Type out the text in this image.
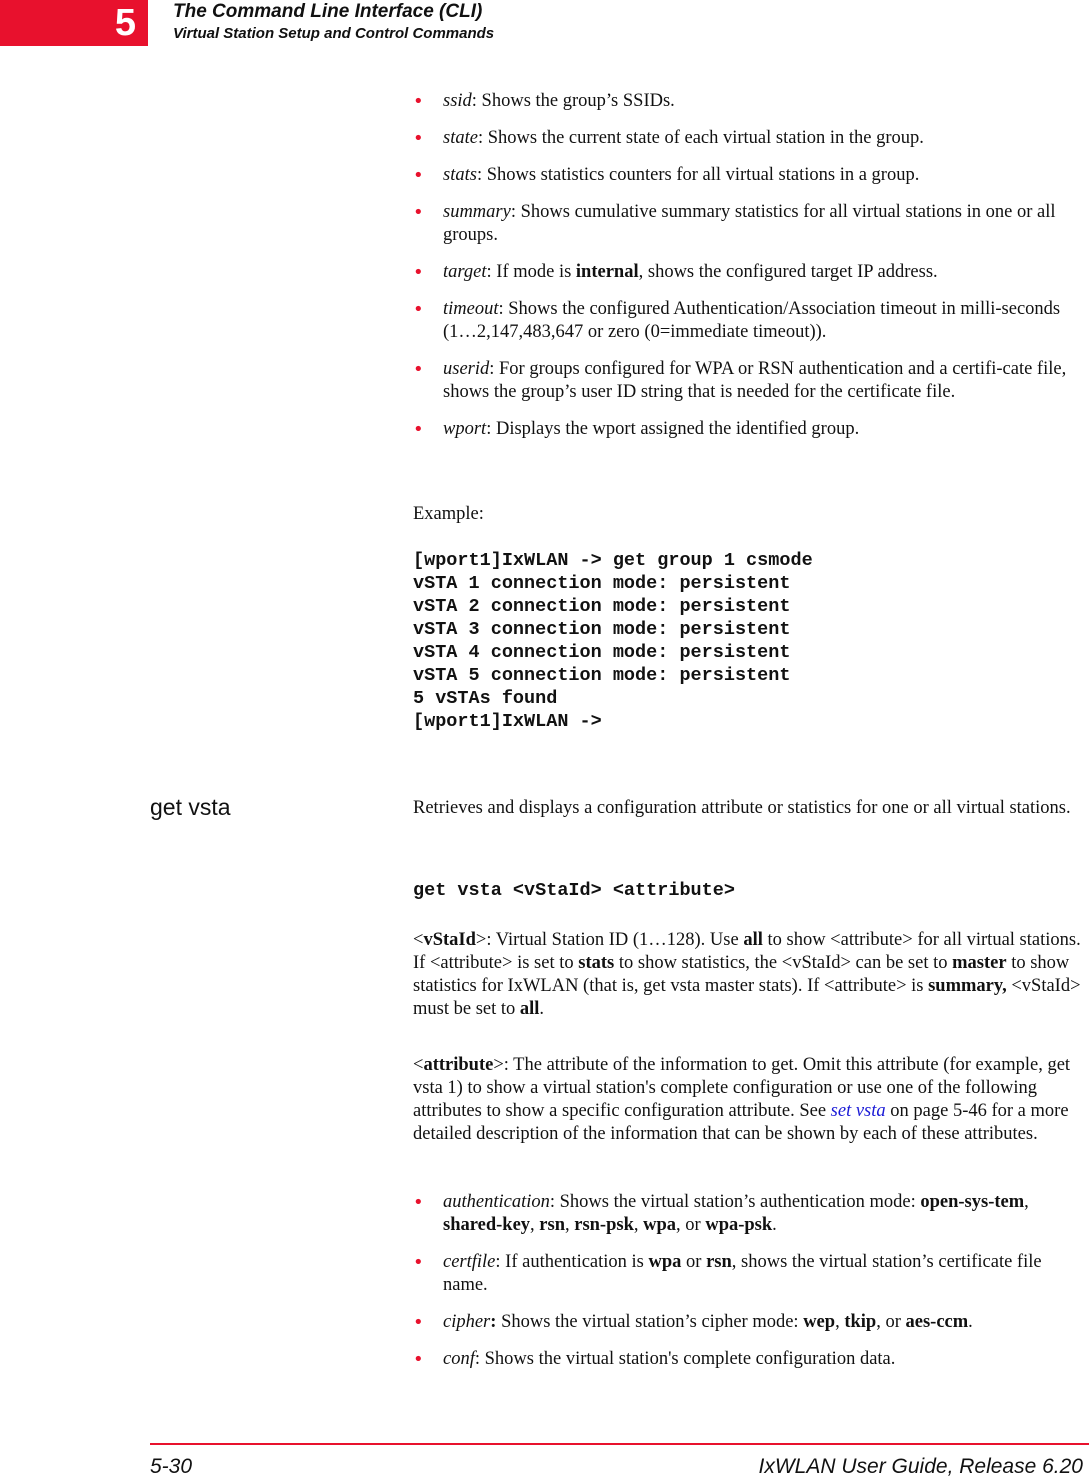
5 The Command Line Interface (CLI)
Virtual Station Setup and Control Commands
• ssid: Shows the group’s SSIDs.
• state: Shows the current state of each virtual station in the group.
• stats: Shows statistics counters for all virtual stations in a group.
• summary: Shows cumulative summary statistics for all virtual stations in one or all groups.
• target: If mode is internal, shows the configured target IP address.
• timeout: Shows the configured Authentication/Association timeout in milli-seconds (1…2,147,483,647 or zero (0=immediate timeout)).
• userid: For groups configured for WPA or RSN authentication and a certifi-cate file, shows the group’s user ID string that is needed for the certificate file.
• wport: Displays the wport assigned the identified group.

Example:

[wport1]IxWLAN -> get group 1 csmode
vSTA 1 connection mode: persistent
vSTA 2 connection mode: persistent
vSTA 3 connection mode: persistent
vSTA 4 connection mode: persistent
vSTA 5 connection mode: persistent
5 vSTAs found
[wport1]IxWLAN ->
get vsta	Retrieves and displays a configuration attribute or statistics for one or all virtual stations.

get vsta <vStaId> <attribute>

<vStaId>: Virtual Station ID (1…128). Use all to show <attribute> for all virtual stations. If <attribute> is set to stats to show statistics, the <vStaId> can be set to master to show statistics for IxWLAN (that is, get vsta master stats). If <attribute> is summary, <vStaId> must be set to all.

<attribute>: The attribute of the information to get. Omit this attribute (for example, get vsta 1) to show a virtual station's complete configuration or use one of the following attributes to show a specific configuration attribute. See set vsta on page 5-46 for a more detailed description of the information that can be shown by each of these attributes.

• authentication: Shows the virtual station’s authentication mode: open-sys-tem, shared-key, rsn, rsn-psk, wpa, or wpa-psk.
• certfile: If authentication is wpa or rsn, shows the virtual station’s certificate file name.
• cipher: Shows the virtual station’s cipher mode: wep, tkip, or aes-ccm.
• conf: Shows the virtual station's complete configuration data.
5-30	IxWLAN User Guide, Release 6.20
